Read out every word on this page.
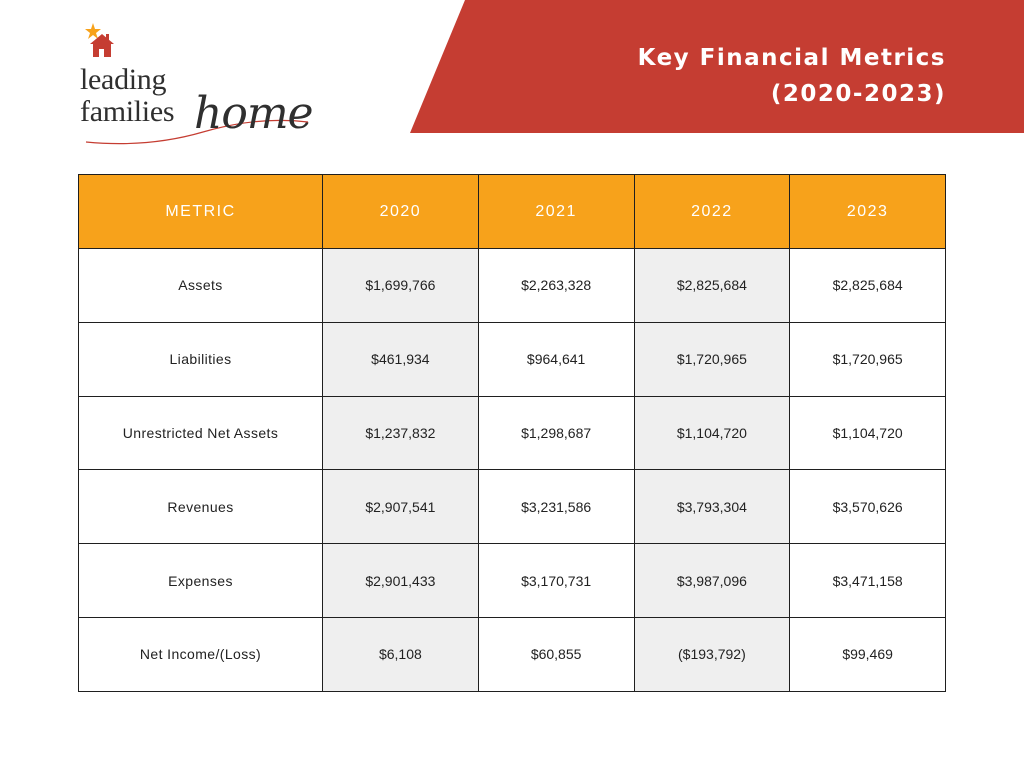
Key Financial Metrics
(2020-2023)
leading
families home
METRIC	2020	2021	2022	2023
Assets	$1,699,766	$2,263,328	$2,825,684	$2,825,684
Liabilities	$461,934	$964,641	$1,720,965	$1,720,965
Unrestricted Net Assets	$1,237,832	$1,298,687	$1,104,720	$1,104,720
Revenues	$2,907,541	$3,231,586	$3,793,304	$3,570,626
Expenses	$2,901,433	$3,170,731	$3,987,096	$3,471,158
Net Income/(Loss)	$6,108	$60,855	($193,792)	$99,469
